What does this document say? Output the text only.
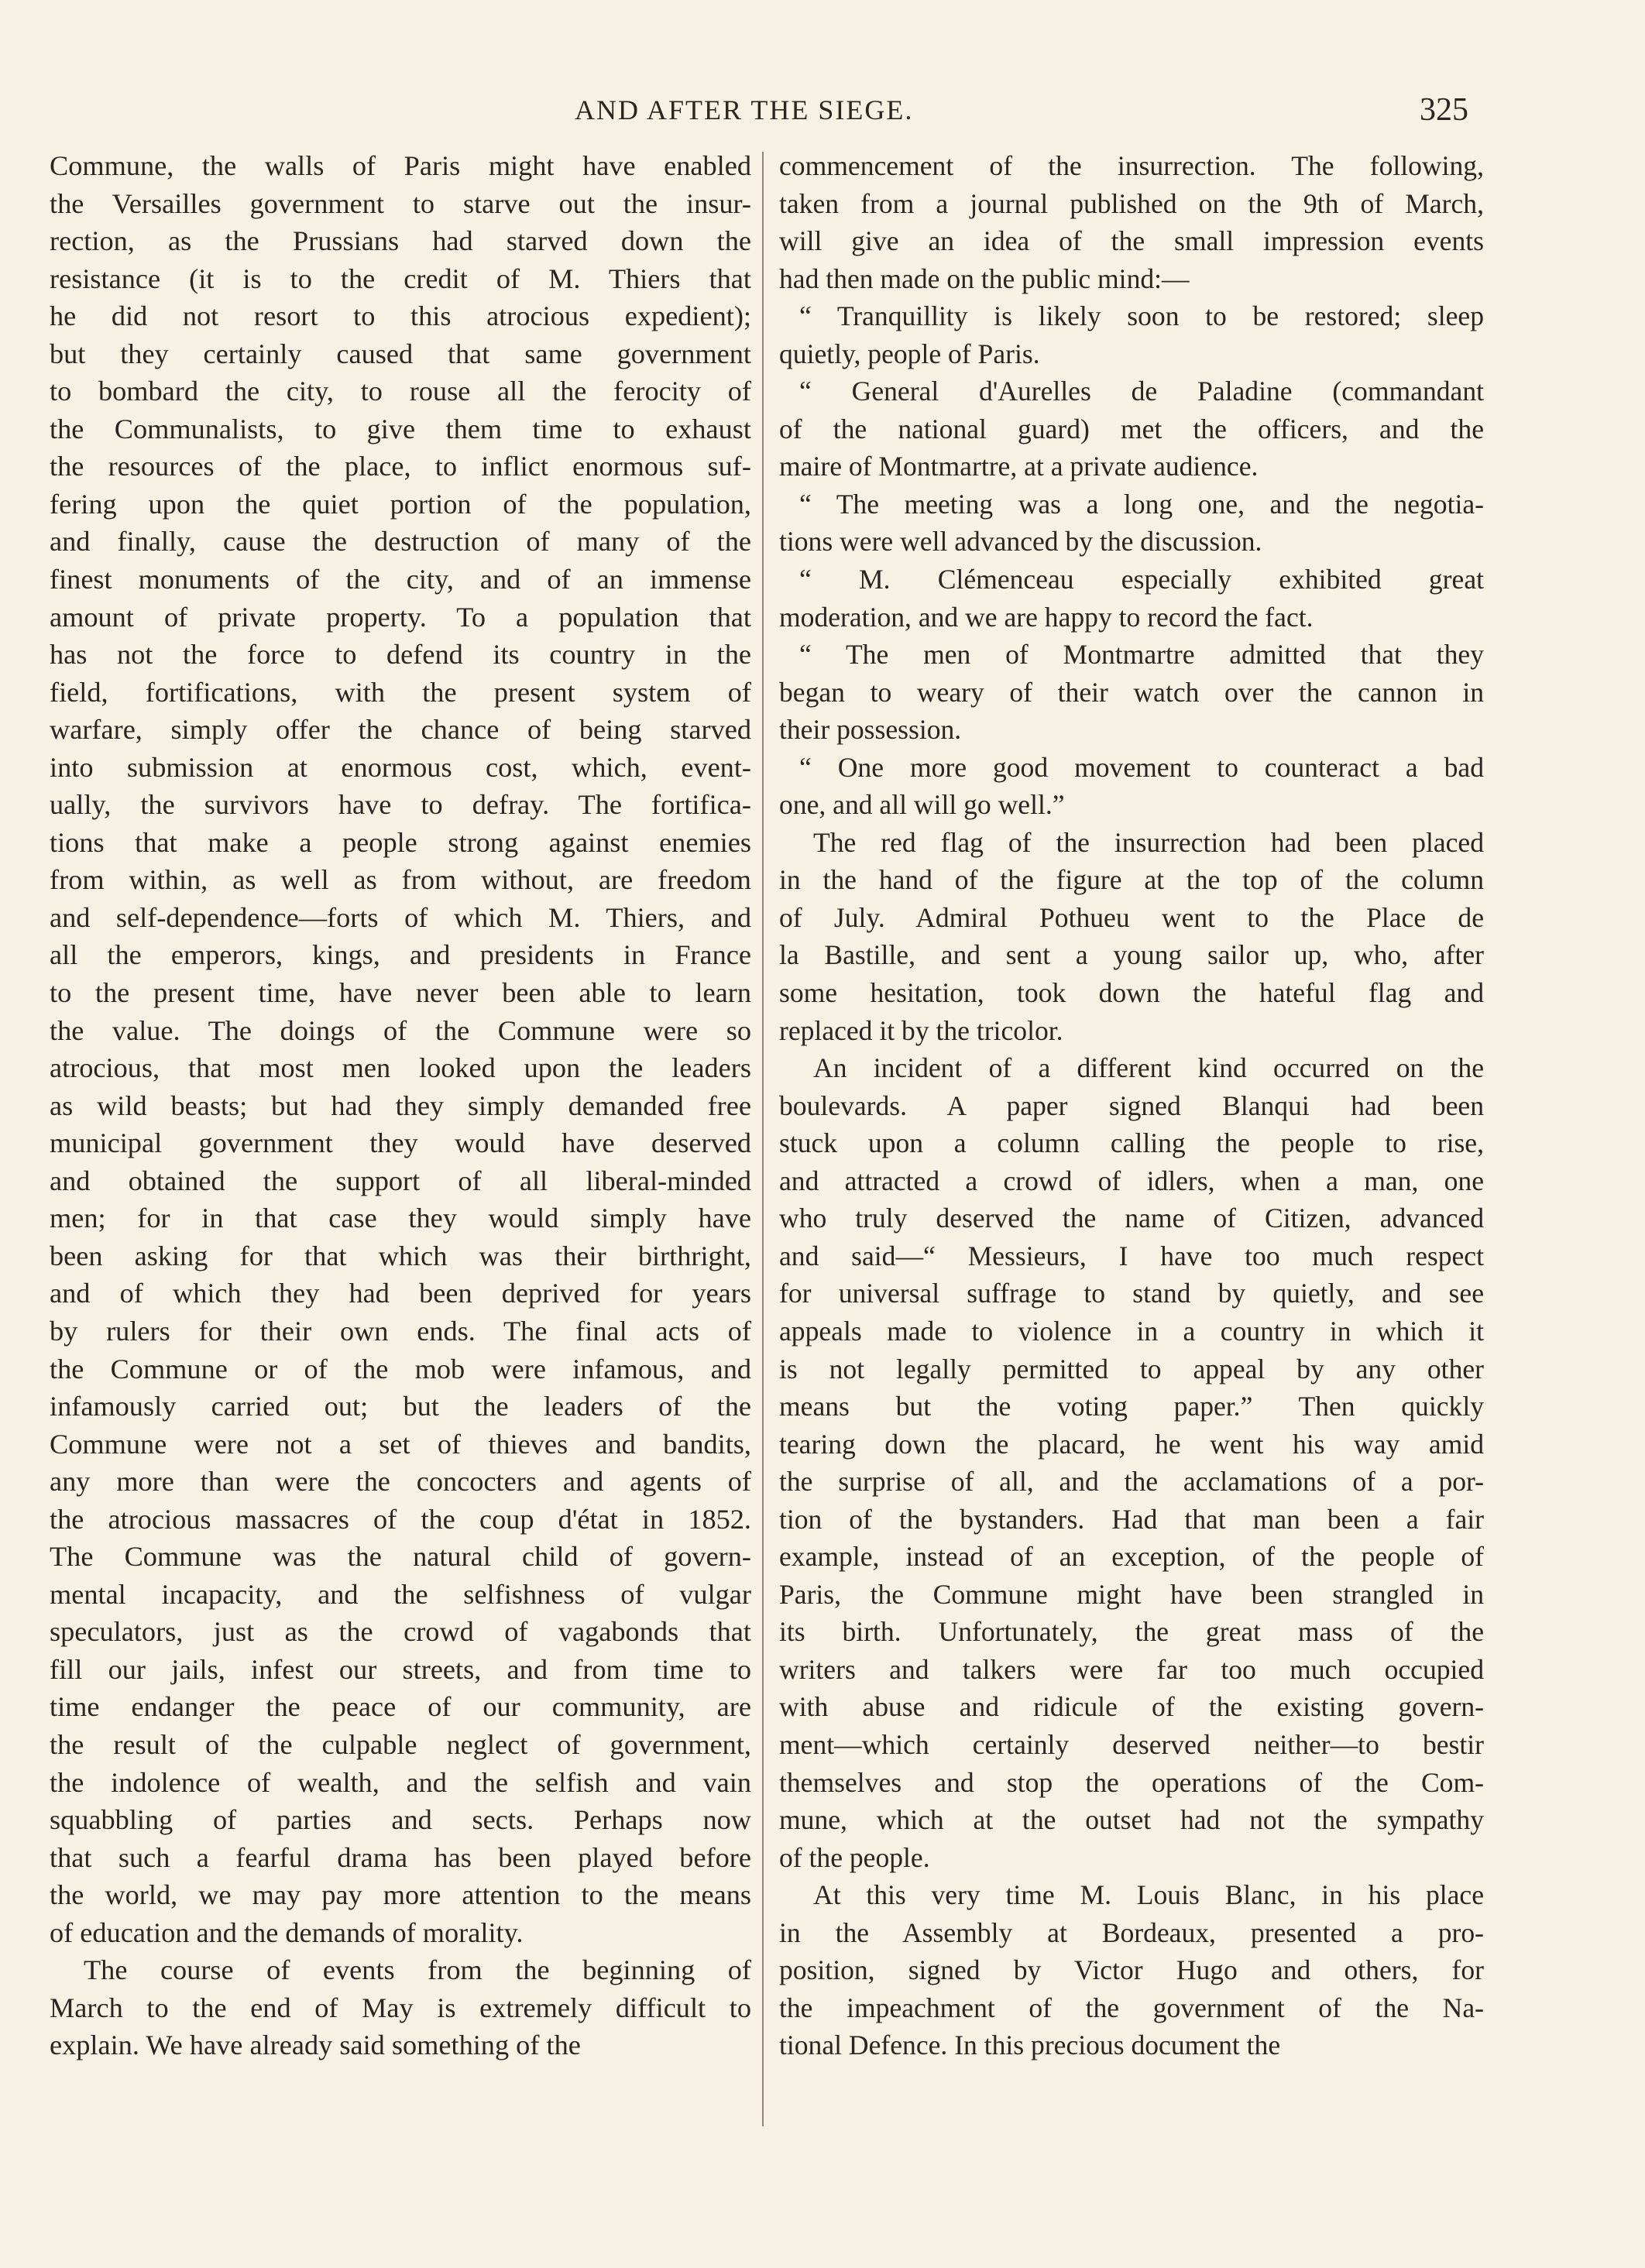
AND AFTER THE SIEGE.	325
Commune, the walls of Paris might have enabled
the Versailles government to starve out the insur-
rection, as the Prussians had starved down the
resistance (it is to the credit of M. Thiers that
he did not resort to this atrocious expedient);
but they certainly caused that same government
to bombard the city, to rouse all the ferocity of
the Communalists, to give them time to exhaust
the resources of the place, to inflict enormous suf-
fering upon the quiet portion of the population,
and finally, cause the destruction of many of the
finest monuments of the city, and of an immense
amount of private property. To a population that
has not the force to defend its country in the
field, fortifications, with the present system of
warfare, simply offer the chance of being starved
into submission at enormous cost, which, event-
ually, the survivors have to defray. The fortifica-
tions that make a people strong against enemies
from within, as well as from without, are freedom
and self-dependence—forts of which M. Thiers, and
all the emperors, kings, and presidents in France
to the present time, have never been able to learn
the value. The doings of the Commune were so
atrocious, that most men looked upon the leaders
as wild beasts; but had they simply demanded free
municipal government they would have deserved
and obtained the support of all liberal-minded
men; for in that case they would simply have
been asking for that which was their birthright,
and of which they had been deprived for years
by rulers for their own ends. The final acts of
the Commune or of the mob were infamous, and
infamously carried out; but the leaders of the
Commune were not a set of thieves and bandits,
any more than were the concocters and agents of
the atrocious massacres of the coup d'état in 1852.
The Commune was the natural child of govern-
mental incapacity, and the selfishness of vulgar
speculators, just as the crowd of vagabonds that
fill our jails, infest our streets, and from time to
time endanger the peace of our community, are
the result of the culpable neglect of government,
the indolence of wealth, and the selfish and vain
squabbling of parties and sects. Perhaps now
that such a fearful drama has been played before
the world, we may pay more attention to the means
of education and the demands of morality.
The course of events from the beginning of
March to the end of May is extremely difficult to
explain. We have already said something of the
commencement of the insurrection. The following,
taken from a journal published on the 9th of March,
will give an idea of the small impression events
had then made on the public mind:—
“ Tranquillity is likely soon to be restored; sleep
quietly, people of Paris.
“ General d'Aurelles de Paladine (commandant
of the national guard) met the officers, and the
maire of Montmartre, at a private audience.
“ The meeting was a long one, and the negotia-
tions were well advanced by the discussion.
“ M. Clémenceau especially exhibited great
moderation, and we are happy to record the fact.
“ The men of Montmartre admitted that they
began to weary of their watch over the cannon in
their possession.
“ One more good movement to counteract a bad
one, and all will go well.”
The red flag of the insurrection had been placed
in the hand of the figure at the top of the column
of July. Admiral Pothueu went to the Place de
la Bastille, and sent a young sailor up, who, after
some hesitation, took down the hateful flag and
replaced it by the tricolor.
An incident of a different kind occurred on the
boulevards. A paper signed Blanqui had been
stuck upon a column calling the people to rise,
and attracted a crowd of idlers, when a man, one
who truly deserved the name of Citizen, advanced
and said—“ Messieurs, I have too much respect
for universal suffrage to stand by quietly, and see
appeals made to violence in a country in which it
is not legally permitted to appeal by any other
means but the voting paper.” Then quickly
tearing down the placard, he went his way amid
the surprise of all, and the acclamations of a por-
tion of the bystanders. Had that man been a fair
example, instead of an exception, of the people of
Paris, the Commune might have been strangled in
its birth. Unfortunately, the great mass of the
writers and talkers were far too much occupied
with abuse and ridicule of the existing govern-
ment—which certainly deserved neither—to bestir
themselves and stop the operations of the Com-
mune, which at the outset had not the sympathy
of the people.
At this very time M. Louis Blanc, in his place
in the Assembly at Bordeaux, presented a pro-
position, signed by Victor Hugo and others, for
the impeachment of the government of the Na-
tional Defence. In this precious document the
